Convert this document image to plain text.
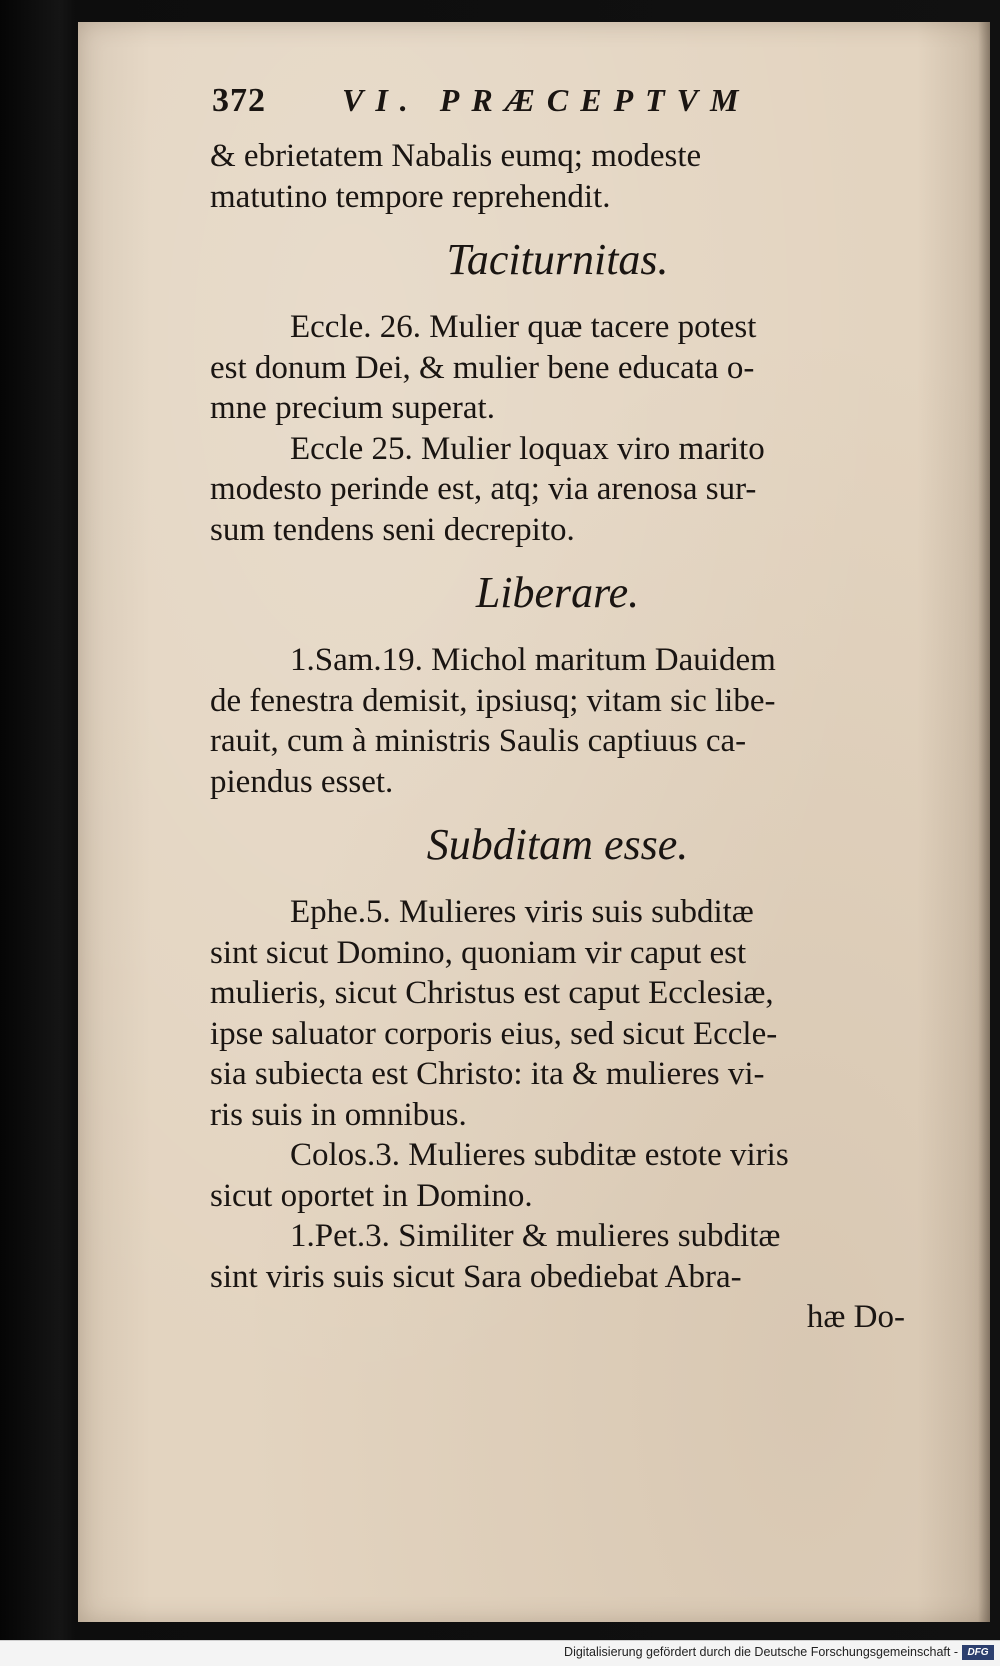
372 VI. PRÆCEPTVM

& ebrietatem Nabalis eumq; modeste
matutino tempore reprehendit.

Taciturnitas.

Eccle. 26. Mulier quæ tacere potest
est donum Dei, & mulier bene educata o-
mne precium superat.

Eccle 25. Mulier loquax viro marito
modesto perinde est, atq; via arenosa sur-
sum tendens seni decrepito.

Liberare.

1.Sam.19. Michol maritum Dauidem
de fenestra demisit, ipsiusq; vitam sic libe-
rauit, cum à ministris Saulis captiuus ca-
piendus esset.

Subditam esse.

Ephe.5. Mulieres viris suis subditæ
sint sicut Domino, quoniam vir caput est
mulieris, sicut Christus est caput Ecclesiæ,
ipse saluator corporis eius, sed sicut Eccle-
sia subiecta est Christo: ita & mulieres vi-
ris suis in omnibus.

Colos.3. Mulieres subditæ estote viris
sicut oportet in Domino.

1.Pet.3. Similiter & mulieres subditæ
sint viris suis sicut Sara obediebat Abra-

hæ Do-
Digitalisierung gefördert durch die Deutsche Forschungsgemeinschaft - DFG
